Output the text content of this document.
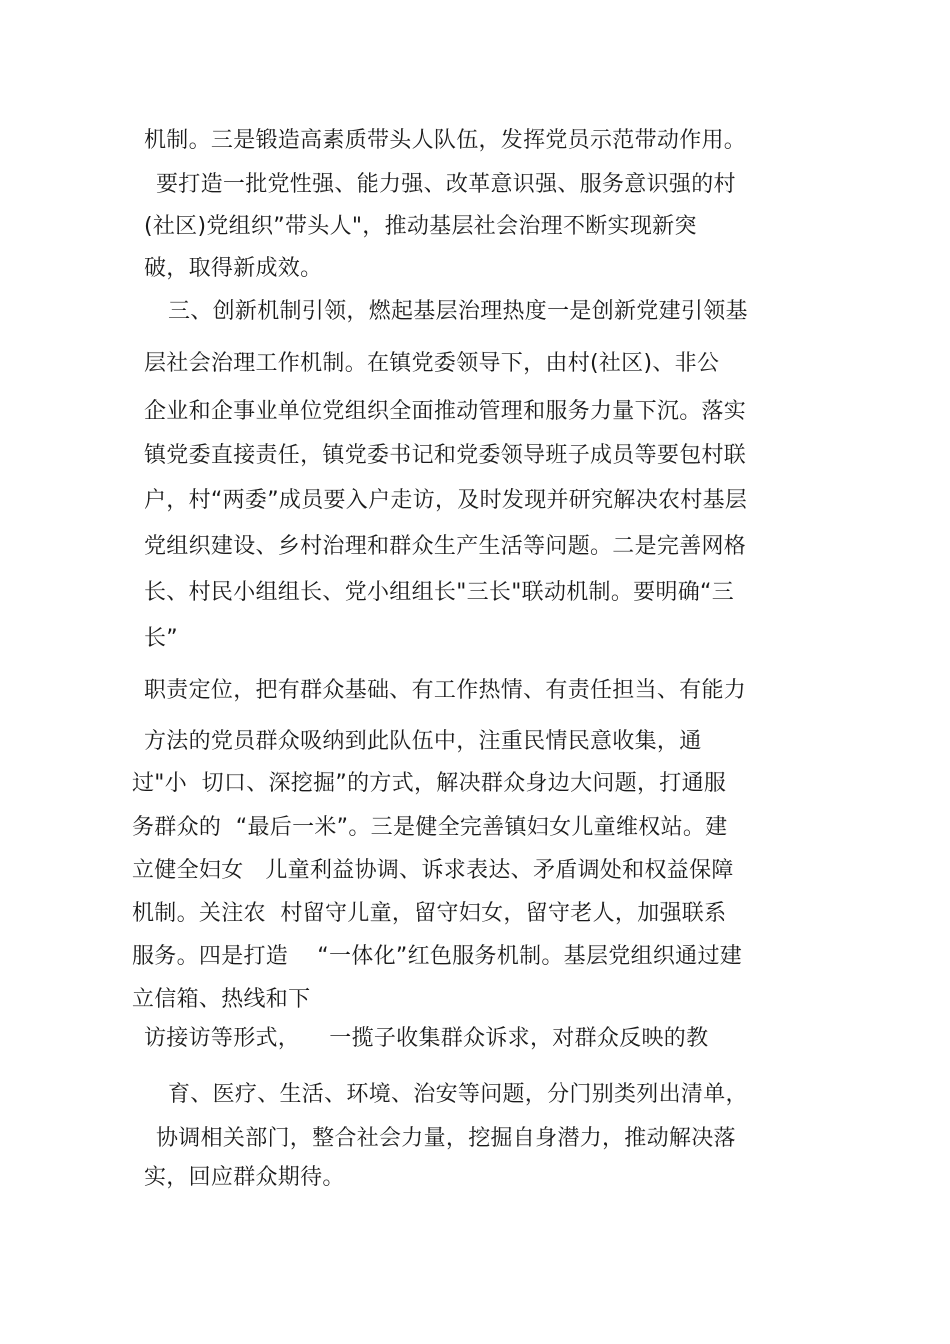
机制。三是锻造高素质带头人队伍，发挥党员示范带动作用。
要打造一批党性强、能力强、改革意识强、服务意识强的村
(社区)党组织”带头人"，推动基层社会治理不断实现新突
破，取得新成效。
三、创新机制引领，燃起基层治理热度一是创新党建引领基
层社会治理工作机制。在镇党委领导下，由村(社区)、非公
企业和企事业单位党组织全面推动管理和服务力量下沉。落实
镇党委直接责任，镇党委书记和党委领导班子成员等要包村联
户，村“两委”成员要入户走访，及时发现并研究解决农村基层
党组织建设、乡村治理和群众生产生活等问题。二是完善网格
长、村民小组组长、党小组组长"三长"联动机制。要明确“三
长”
职责定位，把有群众基础、有工作热情、有责任担当、有能力
方法的党员群众吸纳到此队伍中，注重民情民意收集，通
过"小  切口、深挖掘”的方式，解决群众身边大问题，打通服
务群众的  “最后一米”。三是健全完善镇妇女儿童维权站。建
立健全妇女   儿童利益协调、诉求表达、矛盾调处和权益保障
机制。关注农  村留守儿童，留守妇女，留守老人，加强联系
服务。四是打造    “一体化”红色服务机制。基层党组织通过建
立信箱、热线和下
访接访等形式，    一揽子收集群众诉求，对群众反映的教
育、医疗、生活、环境、治安等问题，分门别类列出清单，
协调相关部门，整合社会力量，挖掘自身潜力，推动解决落
实，回应群众期待。
